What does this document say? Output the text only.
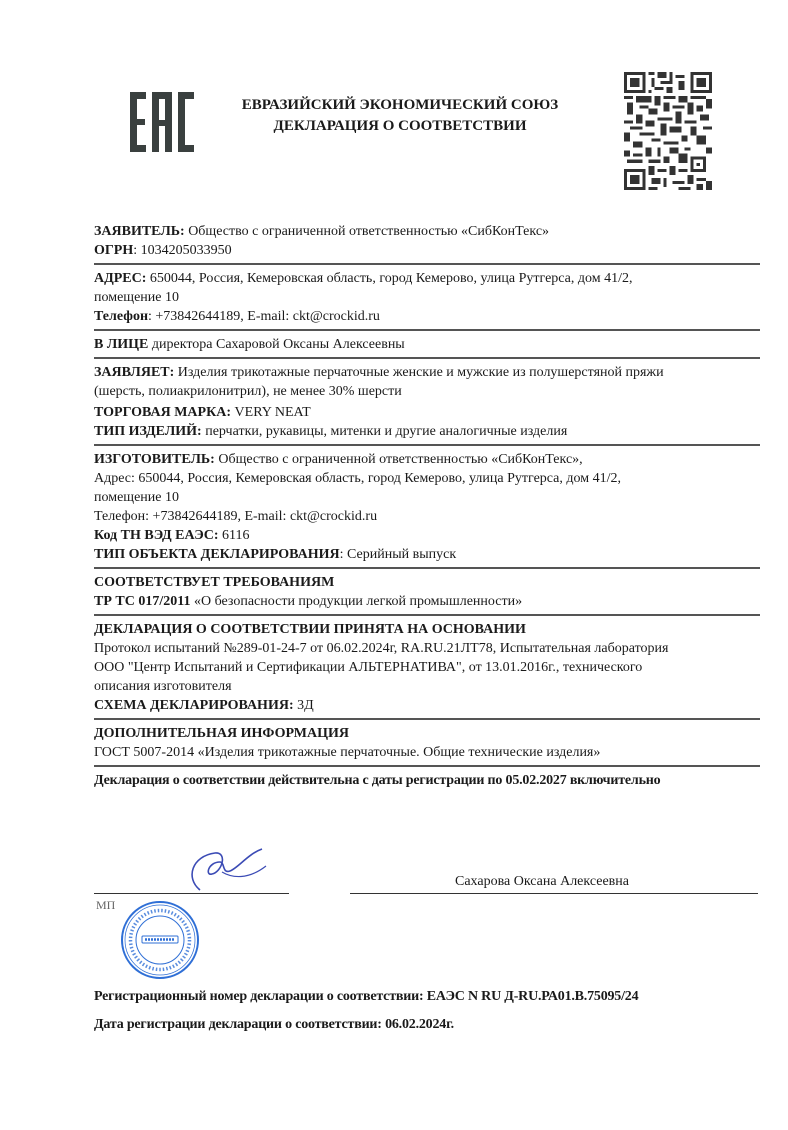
ЕВРАЗИЙСКИЙ ЭКОНОМИЧЕСКИЙ СОЮЗ
ДЕКЛАРАЦИЯ О СООТВЕТСТВИИ
ЗАЯВИТЕЛЬ: Общество с ограниченной ответственностью «СибКонТекс»
ОГРН: 1034205033950
АДРЕС: 650044, Россия, Кемеровская область, город Кемерово, улица Рутгерса, дом 41/2,
помещение 10
Телефон: +73842644189, E-mail: ckt@crockid.ru
В ЛИЦЕ директора Сахаровой Оксаны Алексеевны
ЗАЯВЛЯЕТ: Изделия трикотажные перчаточные женские и мужские из полушерстяной пряжи
(шерсть, полиакрилонитрил), не менее 30% шерсти
ТОРГОВАЯ МАРКА: VERY NEAT
ТИП ИЗДЕЛИЙ: перчатки, рукавицы, митенки и другие аналогичные изделия
ИЗГОТОВИТЕЛЬ: Общество с ограниченной ответственностью «СибКонТекс»,
Адрес: 650044, Россия, Кемеровская область, город Кемерово, улица Рутгерса, дом 41/2,
помещение 10
Телефон: +73842644189, E-mail: ckt@crockid.ru
Код ТН ВЭД ЕАЭС: 6116
ТИП ОБЪЕКТА ДЕКЛАРИРОВАНИЯ: Серийный выпуск
СООТВЕТСТВУЕТ ТРЕБОВАНИЯМ
ТР ТС 017/2011 «О безопасности продукции легкой промышленности»
ДЕКЛАРАЦИЯ О СООТВЕТСТВИИ ПРИНЯТА НА ОСНОВАНИИ
Протокол испытаний №289-01-24-7 от 06.02.2024г, RA.RU.21ЛТ78, Испытательная лаборатория
ООО "Центр Испытаний и Сертификации АЛЬТЕРНАТИВА", от 13.01.2016г., технического
описания изготовителя
СХЕМА ДЕКЛАРИРОВАНИЯ: 3Д
ДОПОЛНИТЕЛЬНАЯ ИНФОРМАЦИЯ
ГОСТ 5007-2014 «Изделия трикотажные перчаточные. Общие технические изделия»
Декларация о соответствии действительна с даты регистрации по 05.02.2027 включительно
Сахарова Оксана Алексеевна
МП
Регистрационный номер декларации о соответствии: ЕАЭС N RU Д-RU.РА01.В.75095/24
Дата регистрации декларации о соответствии: 06.02.2024г.
